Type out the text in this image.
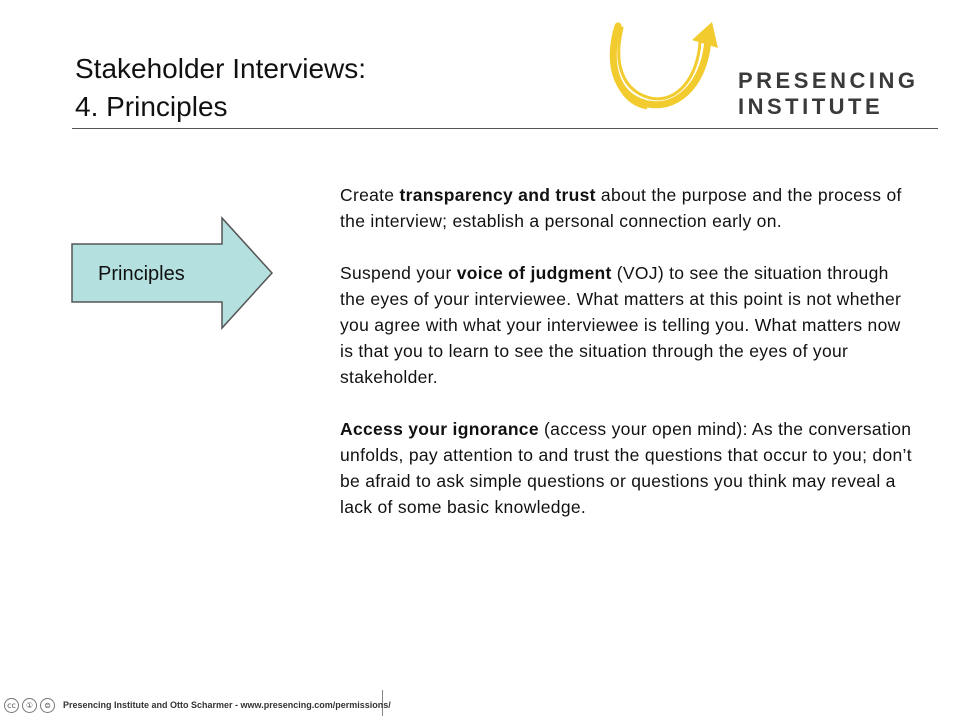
Stakeholder Interviews:
4. Principles
PRESENCING
INSTITUTE
Principles

Create transparency and trust about the purpose and the process of the interview; establish a personal connection early on.

Suspend your voice of judgment (VOJ) to see the situation through the eyes of your interviewee. What matters at this point is not whether you agree with what your interviewee is telling you. What matters now is that you to learn to see the situation through the eyes of your stakeholder.

Access your ignorance (access your open mind): As the conversation unfolds, pay attention to and trust the questions that occur to you; don’t be afraid to ask simple questions or questions you think may reveal a lack of some basic knowledge.

cc	①	⊜	Presencing Institute and Otto Scharmer - www.presencing.com/permissions/
